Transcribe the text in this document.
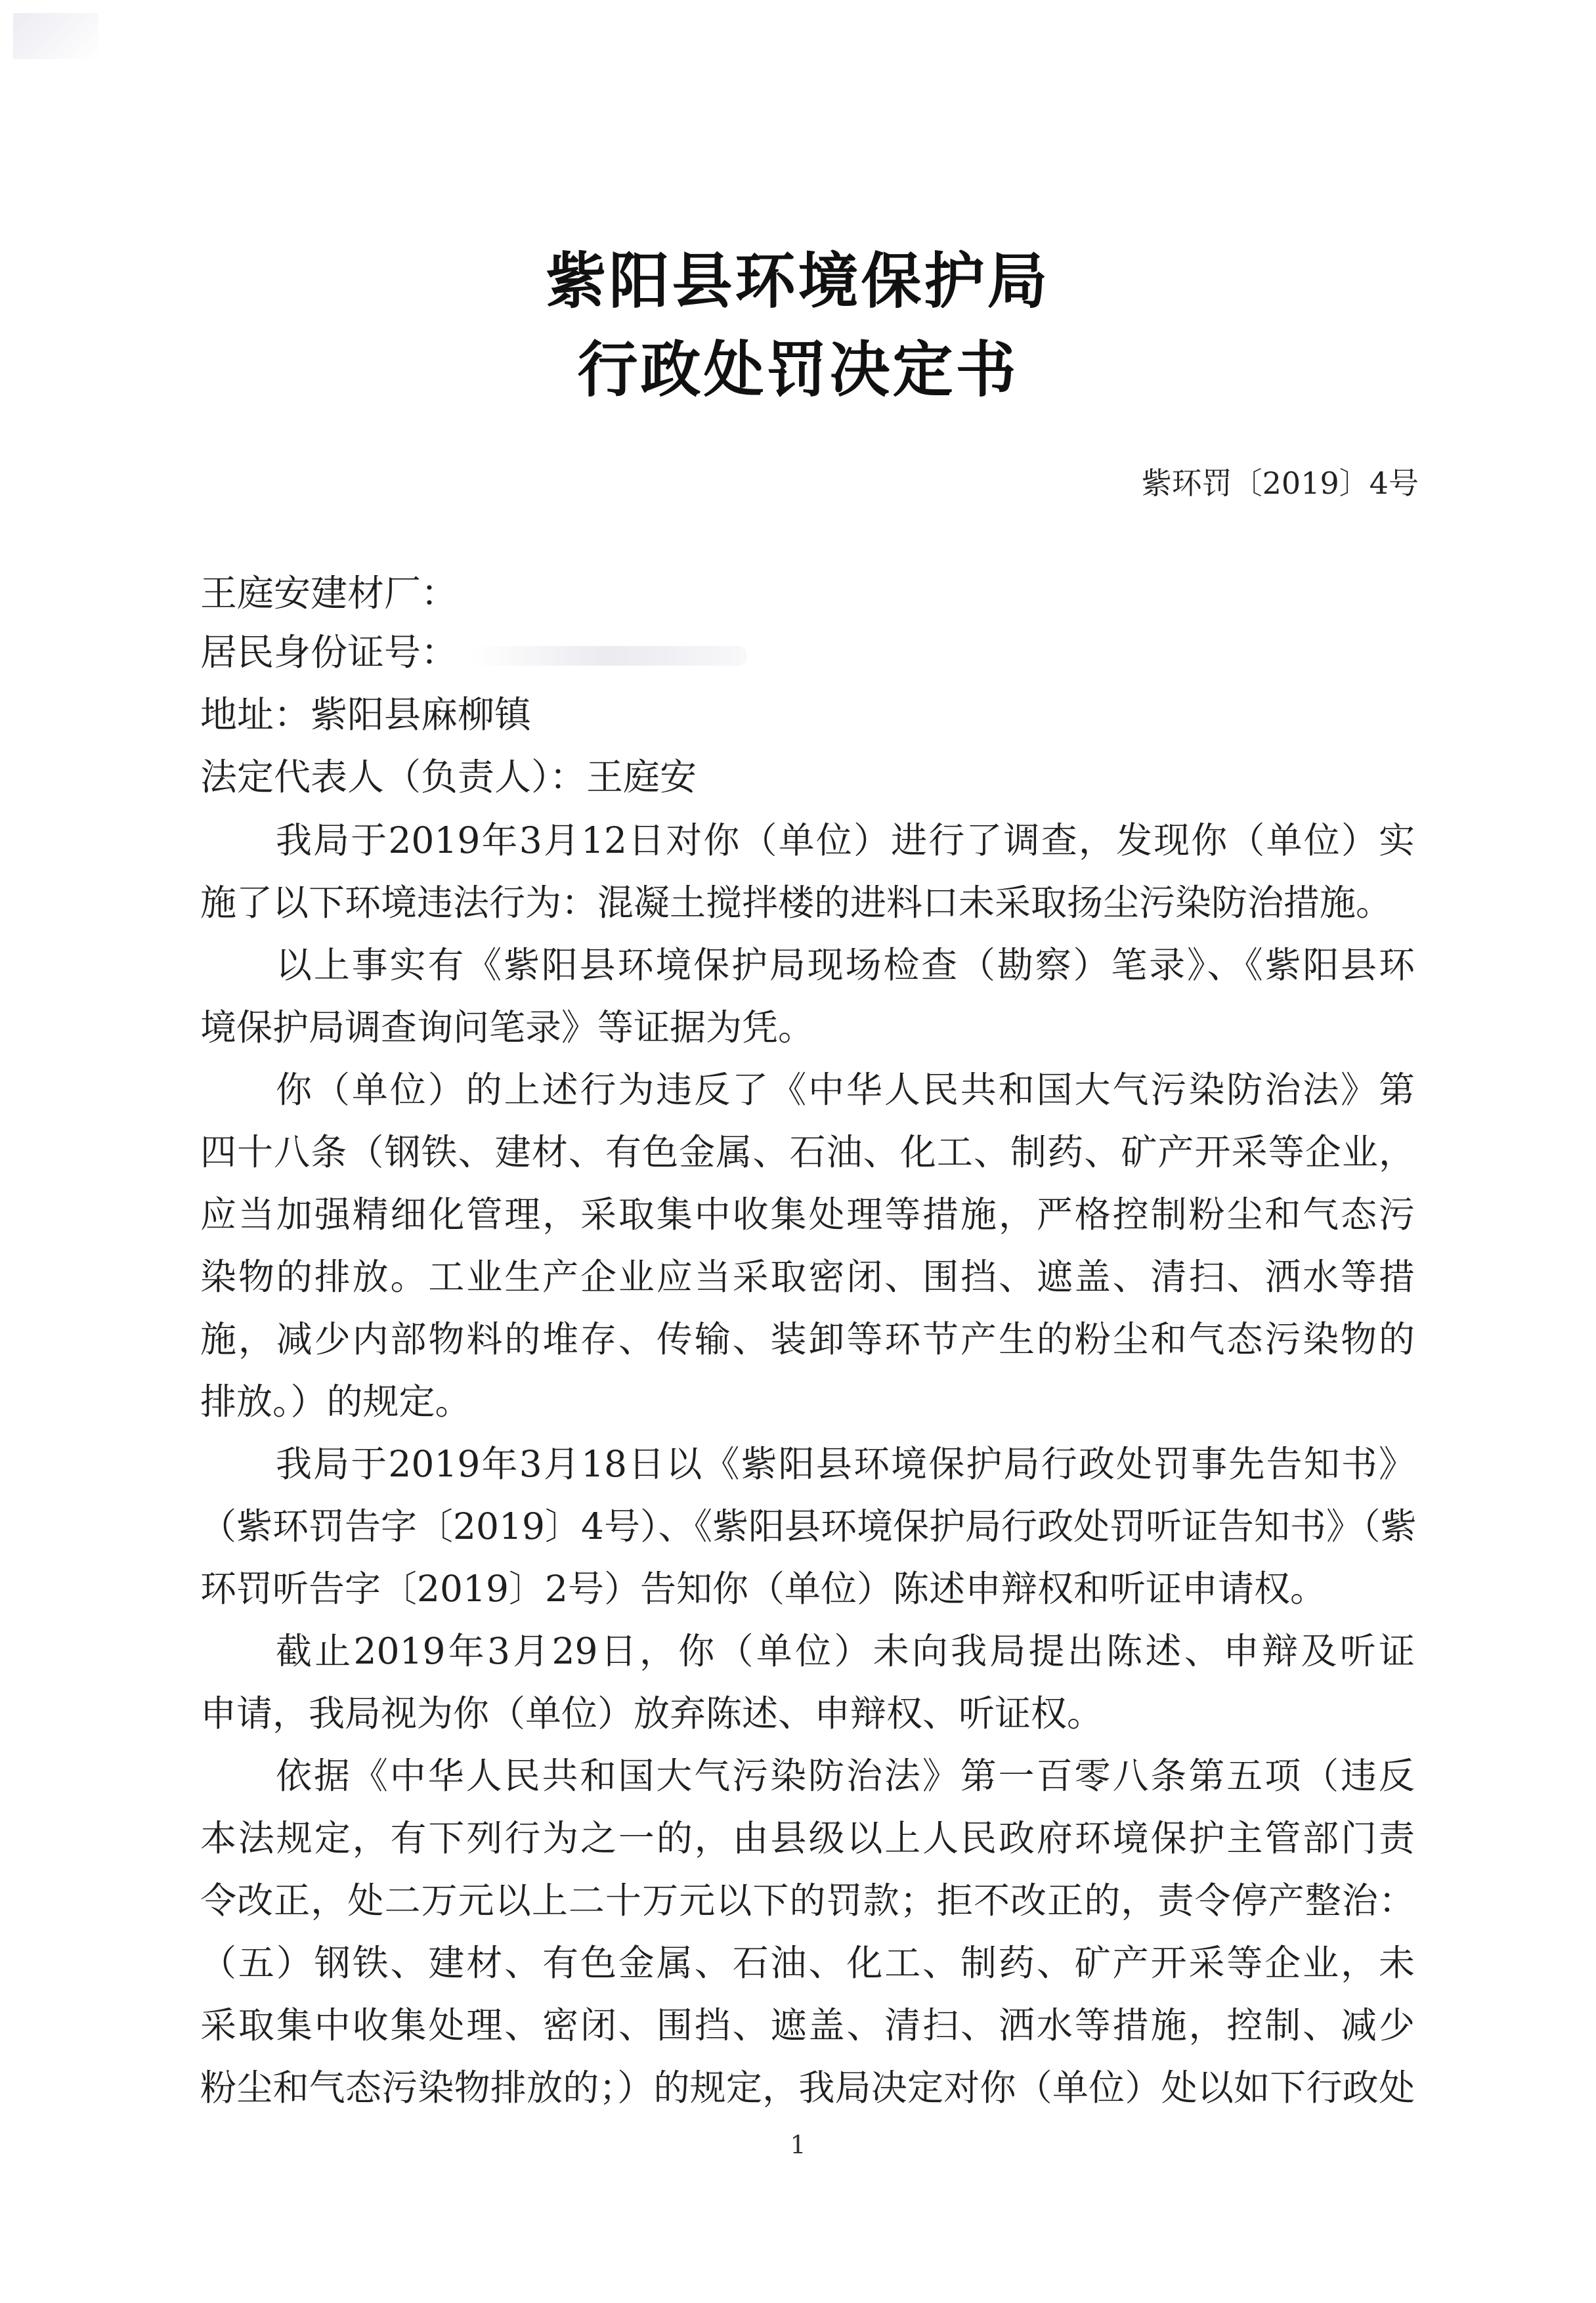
紫阳县环境保护局
行政处罚决定书
紫环罚〔2019〕4号
王庭安建材厂：
居民身份证号：
地址：紫阳县麻柳镇
法定代表人（负责人）：王庭安
我局于2019年3月12日对你（单位）进行了调查，发现你（单位）实
施了以下环境违法行为：混凝土搅拌楼的进料口未采取扬尘污染防治措施。
以上事实有《紫阳县环境保护局现场检查（勘察）笔录》、《紫阳县环
境保护局调查询问笔录》等证据为凭。
你（单位）的上述行为违反了《中华人民共和国大气污染防治法》第
四十八条（钢铁、建材、有色金属、石油、化工、制药、矿产开采等企业，
应当加强精细化管理，采取集中收集处理等措施，严格控制粉尘和气态污
染物的排放。工业生产企业应当采取密闭、围挡、遮盖、清扫、洒水等措
施，减少内部物料的堆存、传输、装卸等环节产生的粉尘和气态污染物的
排放。）的规定。
我局于2019年3月18日以《紫阳县环境保护局行政处罚事先告知书》
（紫环罚告字〔2019〕4号）、《紫阳县环境保护局行政处罚听证告知书》（紫
环罚听告字〔2019〕2号）告知你（单位）陈述申辩权和听证申请权。
截止2019年3月29日，你（单位）未向我局提出陈述、申辩及听证
申请，我局视为你（单位）放弃陈述、申辩权、听证权。
依据《中华人民共和国大气污染防治法》第一百零八条第五项（违反
本法规定，有下列行为之一的，由县级以上人民政府环境保护主管部门责
令改正，处二万元以上二十万元以下的罚款；拒不改正的，责令停产整治：
（五）钢铁、建材、有色金属、石油、化工、制药、矿产开采等企业，未
采取集中收集处理、密闭、围挡、遮盖、清扫、洒水等措施，控制、减少
粉尘和气态污染物排放的；）的规定，我局决定对你（单位）处以如下行政处
1
